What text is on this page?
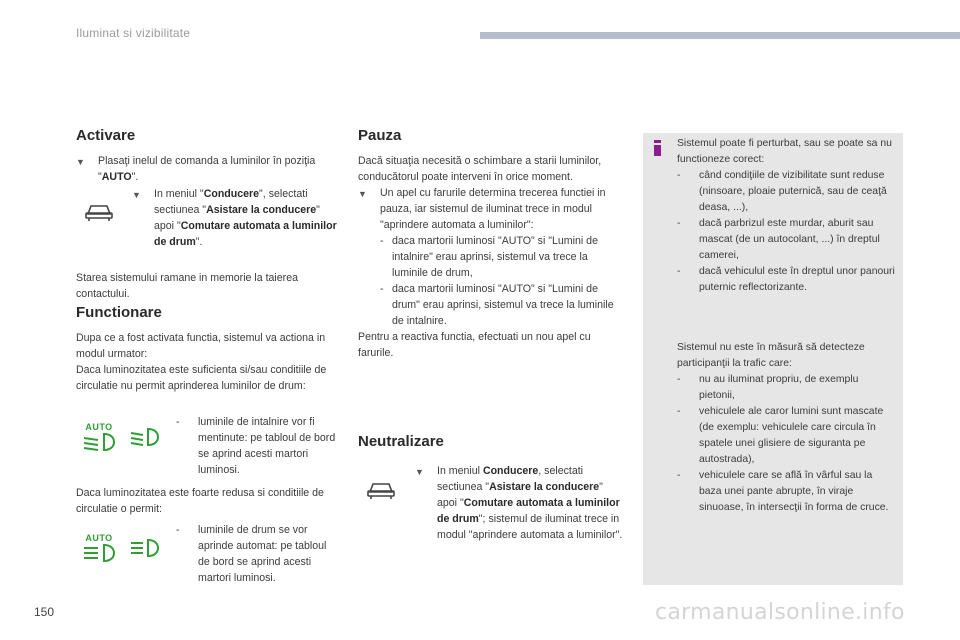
Iluminat si vizibilitate
Activare
▼	Plasaţi inelul de comanda a luminilor în poziţia "AUTO".

▼	In meniul "Conducere", selectati sectiunea "Asistare la conducere" apoi "Comutare automata a luminilor de drum".

Starea sistemului ramane in memorie la taierea contactului.

Functionare

Dupa ce a fost activata functia, sistemul va actiona in modul urmator:

Daca luminozitatea este suficienta si/sau conditiile de circulatie nu permit aprinderea luminilor de drum:

AUTO	-	luminile de intalnire vor fi mentinute: pe tabloul de bord se aprind acesti martori luminosi.

Daca luminozitatea este foarte redusa si conditiile de circulatie o permit:

AUTO
-	luminile de drum se vor aprinde automat: pe tabloul de bord se aprind acesti martori luminosi.

Pauza

Dacă situaţia necesită o schimbare a starii luminilor, conducătorul poate interveni în orice moment.

▼	Un apel cu farurile determina trecerea functiei in pauza, iar sistemul de iluminat trece in modul "aprindere automata a luminilor":

- daca martorii luminosi "AUTO" si "Lumini de intalnire" erau aprinsi, sistemul va trece la luminile de drum,

- daca martorii luminosi "AUTO" si "Lumini de drum" erau aprinsi, sistemul va trece la luminile de intalnire.

Pentru a reactiva functia, efectuati un nou apel cu farurile.

Neutralizare
▼	In meniul Conducere, selectati sectiunea "Asistare la conducere" apoi "Comutare automata a luminilor de drum"; sistemul de iluminat trece in modul "aprindere automata a luminilor".

Sistemul poate fi perturbat, sau se poate sa nu functioneze corect:

-	când condiţiile de vizibilitate sunt reduse (ninsoare, ploaie puternică, sau de ceaţă deasa, ...),

-	dacă parbrizul este murdar, aburit sau mascat (de un autocolant, ...) în dreptul camerei,

-	dacă vehiculul este în dreptul unor panouri puternic reflectorizante.

Sistemul nu este în măsură să detecteze participanţii la trafic care:

-	nu au iluminat propriu, de exemplu pietonii,

-	vehiculele ale caror lumini sunt mascate (de exemplu: vehiculele care circula în spatele unei glisiere de siguranta pe autostrada),

-	vehiculele care se află în vârful sau la baza unei pante abrupte, în viraje sinuoase, în intersecţii în forma de cruce.

150	carmanualsonline.info
